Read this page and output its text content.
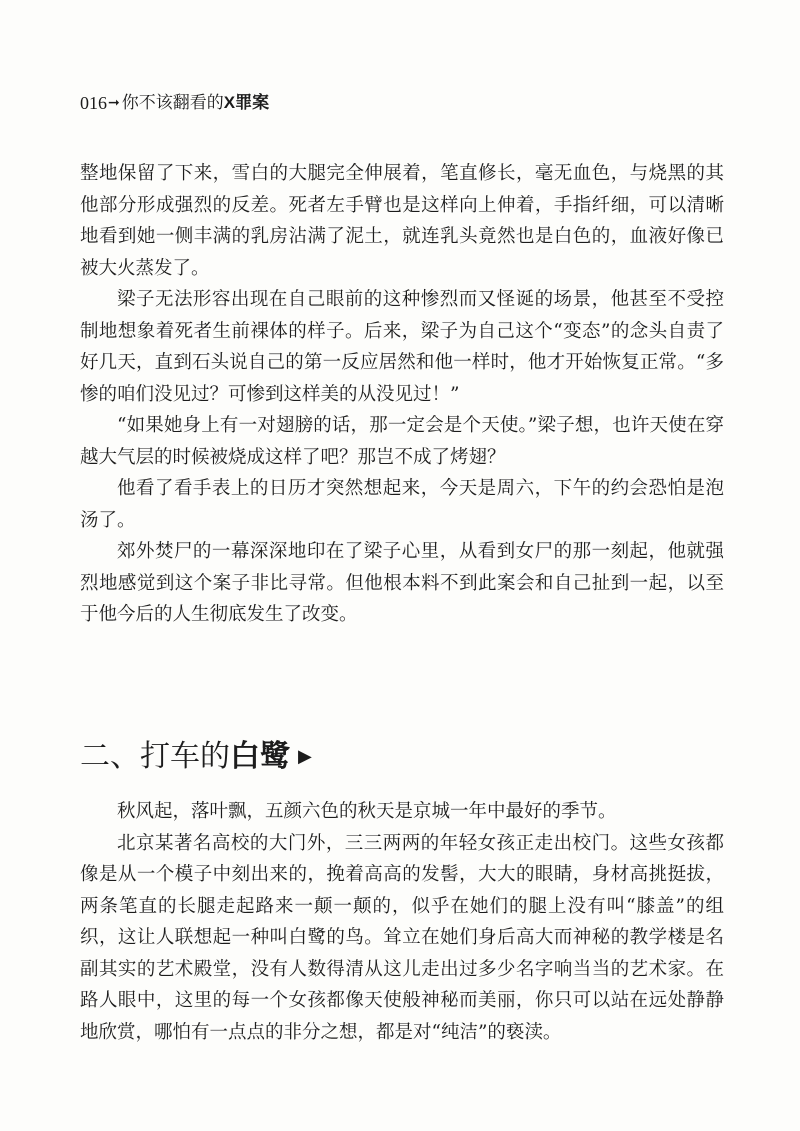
016 ➞ 你不该翻看的 X罪案

整地保留了下来，雪白的大腿完全伸展着，笔直修长，毫无血色，与烧黑的其他部分形成强烈的反差。死者左手臂也是这样向上伸着，手指纤细，可以清晰地看到她一侧丰满的乳房沾满了泥土，就连乳头竟然也是白色的，血液好像已被大火蒸发了。

梁子无法形容出现在自己眼前的这种惨烈而又怪诞的场景，他甚至不受控制地想象着死者生前裸体的样子。后来，梁子为自己这个“变态”的念头自责了好几天，直到石头说自己的第一反应居然和他一样时，他才开始恢复正常。“多惨的咱们没见过？可惨到这样美的从没见过！”

“如果她身上有一对翅膀的话，那一定会是个天使。”梁子想，也许天使在穿越大气层的时候被烧成这样了吧？那岂不成了烤翅？

他看了看手表上的日历才突然想起来，今天是周六，下午的约会恐怕是泡汤了。

郊外焚尸的一幕深深地印在了梁子心里，从看到女尸的那一刻起，他就强烈地感觉到这个案子非比寻常。但他根本料不到此案会和自己扯到一起，以至于他今后的人生彻底发生了改变。

二、打车的 白鹭 ▶

秋风起，落叶飘，五颜六色的秋天是京城一年中最好的季节。

北京某著名高校的大门外，三三两两的年轻女孩正走出校门。这些女孩都像是从一个模子中刻出来的，挽着高高的发髻，大大的眼睛，身材高挑挺拔，两条笔直的长腿走起路来一颠一颠的，似乎在她们的腿上没有叫“膝盖”的组织，这让人联想起一种叫白鹭的鸟。耸立在她们身后高大而神秘的教学楼是名副其实的艺术殿堂，没有人数得清从这儿走出过多少名字响当当的艺术家。在路人眼中，这里的每一个女孩都像天使般神秘而美丽，你只可以站在远处静静地欣赏，哪怕有一点点的非分之想，都是对“纯洁”的亵渎。
